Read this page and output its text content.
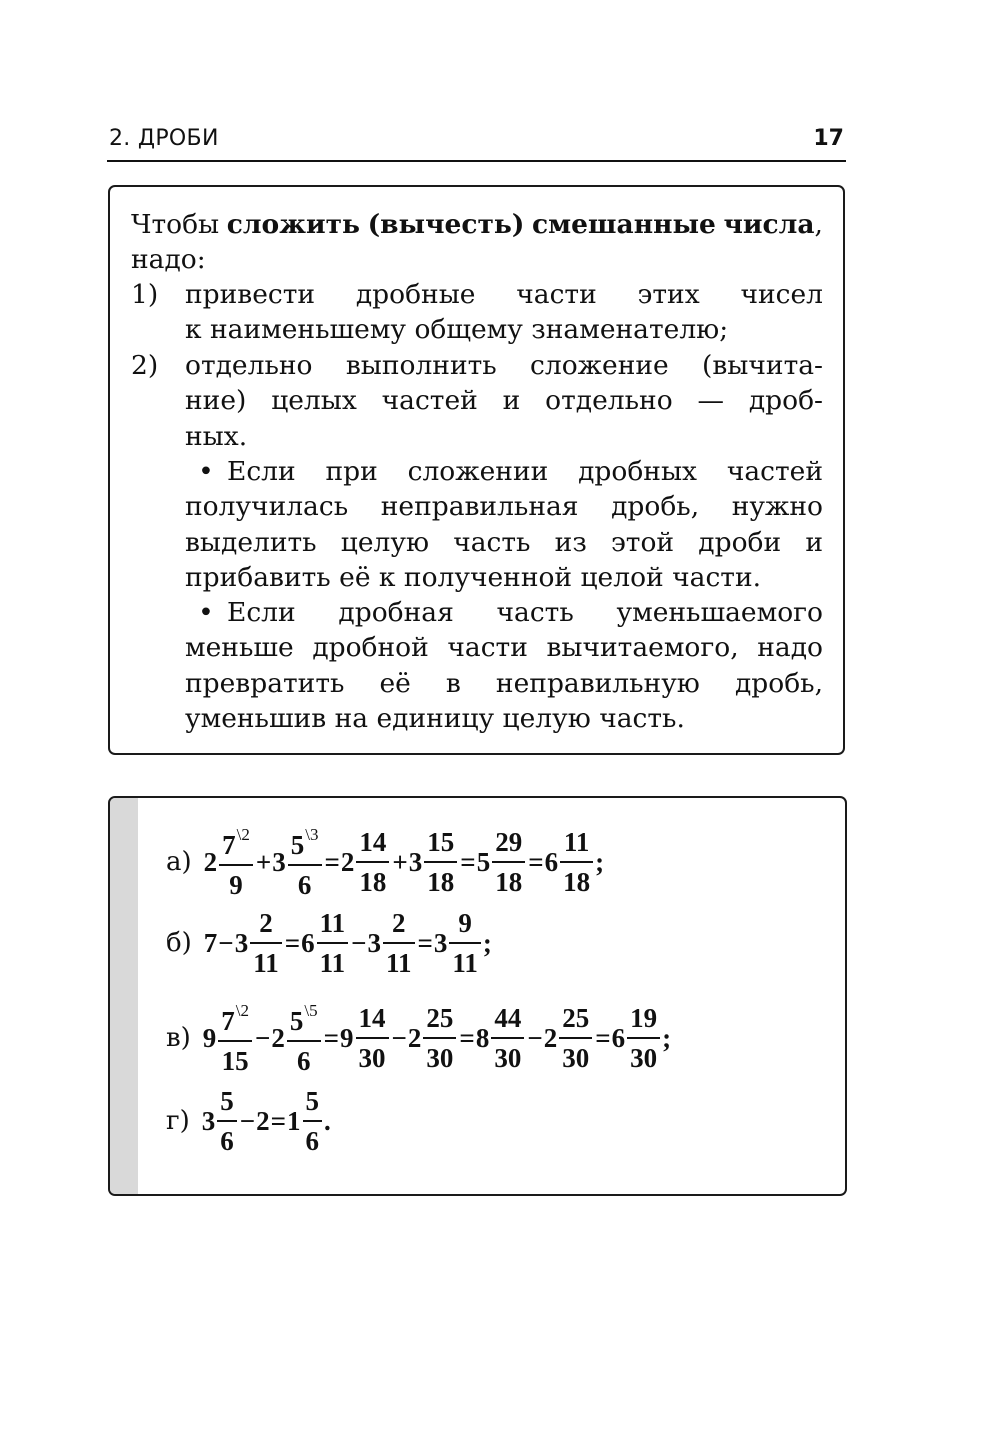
2. ДРОБИ	17
Чтобы сложить (вычесть) смешанные числа,

надо:

1) привести дробные части этих чисел

к наименьшему общему знаменателю;

2) отдельно выполнить сложение (вычита-

ние) целых частей и отдельно — дроб-

ных.

• Если при сложении дробных частей получилась неправильная дробь, нужно выделить целую часть из этой дроби и прибавить её к полученной целой части.

• Если дробная часть уменьшаемого меньше дробной части вычитаемого, надо превратить её в неправильную дробь, уменьшив на единицу целую часть.

а) $2 \frac{7^{\backslash 2}}{9} + 3 \frac{5^{\backslash 3}}{6} = 2 \frac{14}{18} + 3 \frac{15}{18} = 5 \frac{29}{18} = 6 \frac{11}{18}$ ;
б) $7 - 3 \frac{2}{11} = 6 \frac{11}{11} - 3 \frac{2}{11} = 3 \frac{9}{11}$ ;
в) $9 \frac{7^{\backslash 2}}{15} - 2 \frac{5^{\backslash 5}}{6} = 9 \frac{14}{30} - 2 \frac{25}{30} = 8 \frac{44}{30} - 2 \frac{25}{30} = 6 \frac{19}{30}$ ;
г) $3 \frac{5}{6} - 2 = 1 \frac{5}{6}$ .
